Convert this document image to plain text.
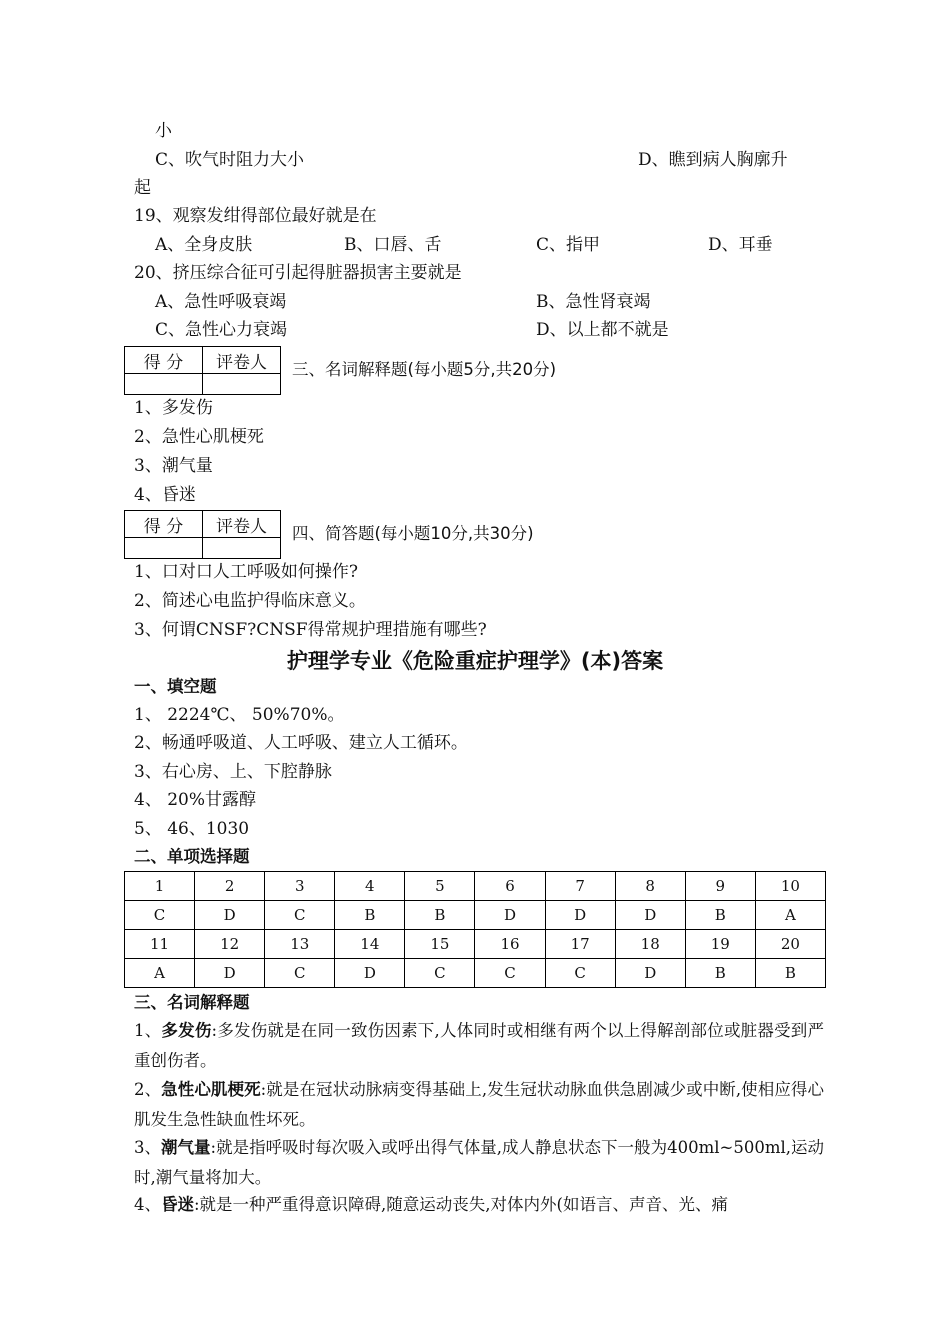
小
C、吹气时阻力大小	D、瞧到病人胸廓升
起
19、观察发绀得部位最好就是在
A、全身皮肤	B、口唇、舌	C、指甲	D、耳垂
20、挤压综合征可引起得脏器损害主要就是
A、急性呼吸衰竭	B、急性肾衰竭
C、急性心力衰竭	D、以上都不就是
得 分	评卷人
	三、名词解释题(每小题5分,共20分)
1、多发伤
2、急性心肌梗死
3、潮气量
4、昏迷
得 分	评卷人
	四、简答题(每小题10分,共30分)
1、口对口人工呼吸如何操作?
2、简述心电监护得临床意义。
3、何谓CNSF?CNSF得常规护理措施有哪些?
护理学专业《危险重症护理学》(本)答案
一、填空题
1、 2224℃、 50%70%。
2、畅通呼吸道、人工呼吸、建立人工循环。
3、右心房、上、下腔静脉
4、 20%甘露醇
5、 46、1030
二、单项选择题
1	2	3	4	5	6	7	8	9	10
C	D	C	B	B	D	D	D	B	A
11	12	13	14	15	16	17	18	19	20
A	D	C	D	C	C	C	D	B	B
三、名词解释题
1、多发伤:多发伤就是在同一致伤因素下,人体同时或相继有两个以上得解剖部位或脏器受到严重创伤者。
2、急性心肌梗死:就是在冠状动脉病变得基础上,发生冠状动脉血供急剧减少或中断,使相应得心肌发生急性缺血性坏死。
3、潮气量:就是指呼吸时每次吸入或呼出得气体量,成人静息状态下一般为400ml~500ml,运动时,潮气量将加大。
4、昏迷:就是一种严重得意识障碍,随意运动丧失,对体内外(如语言、声音、光、痛
